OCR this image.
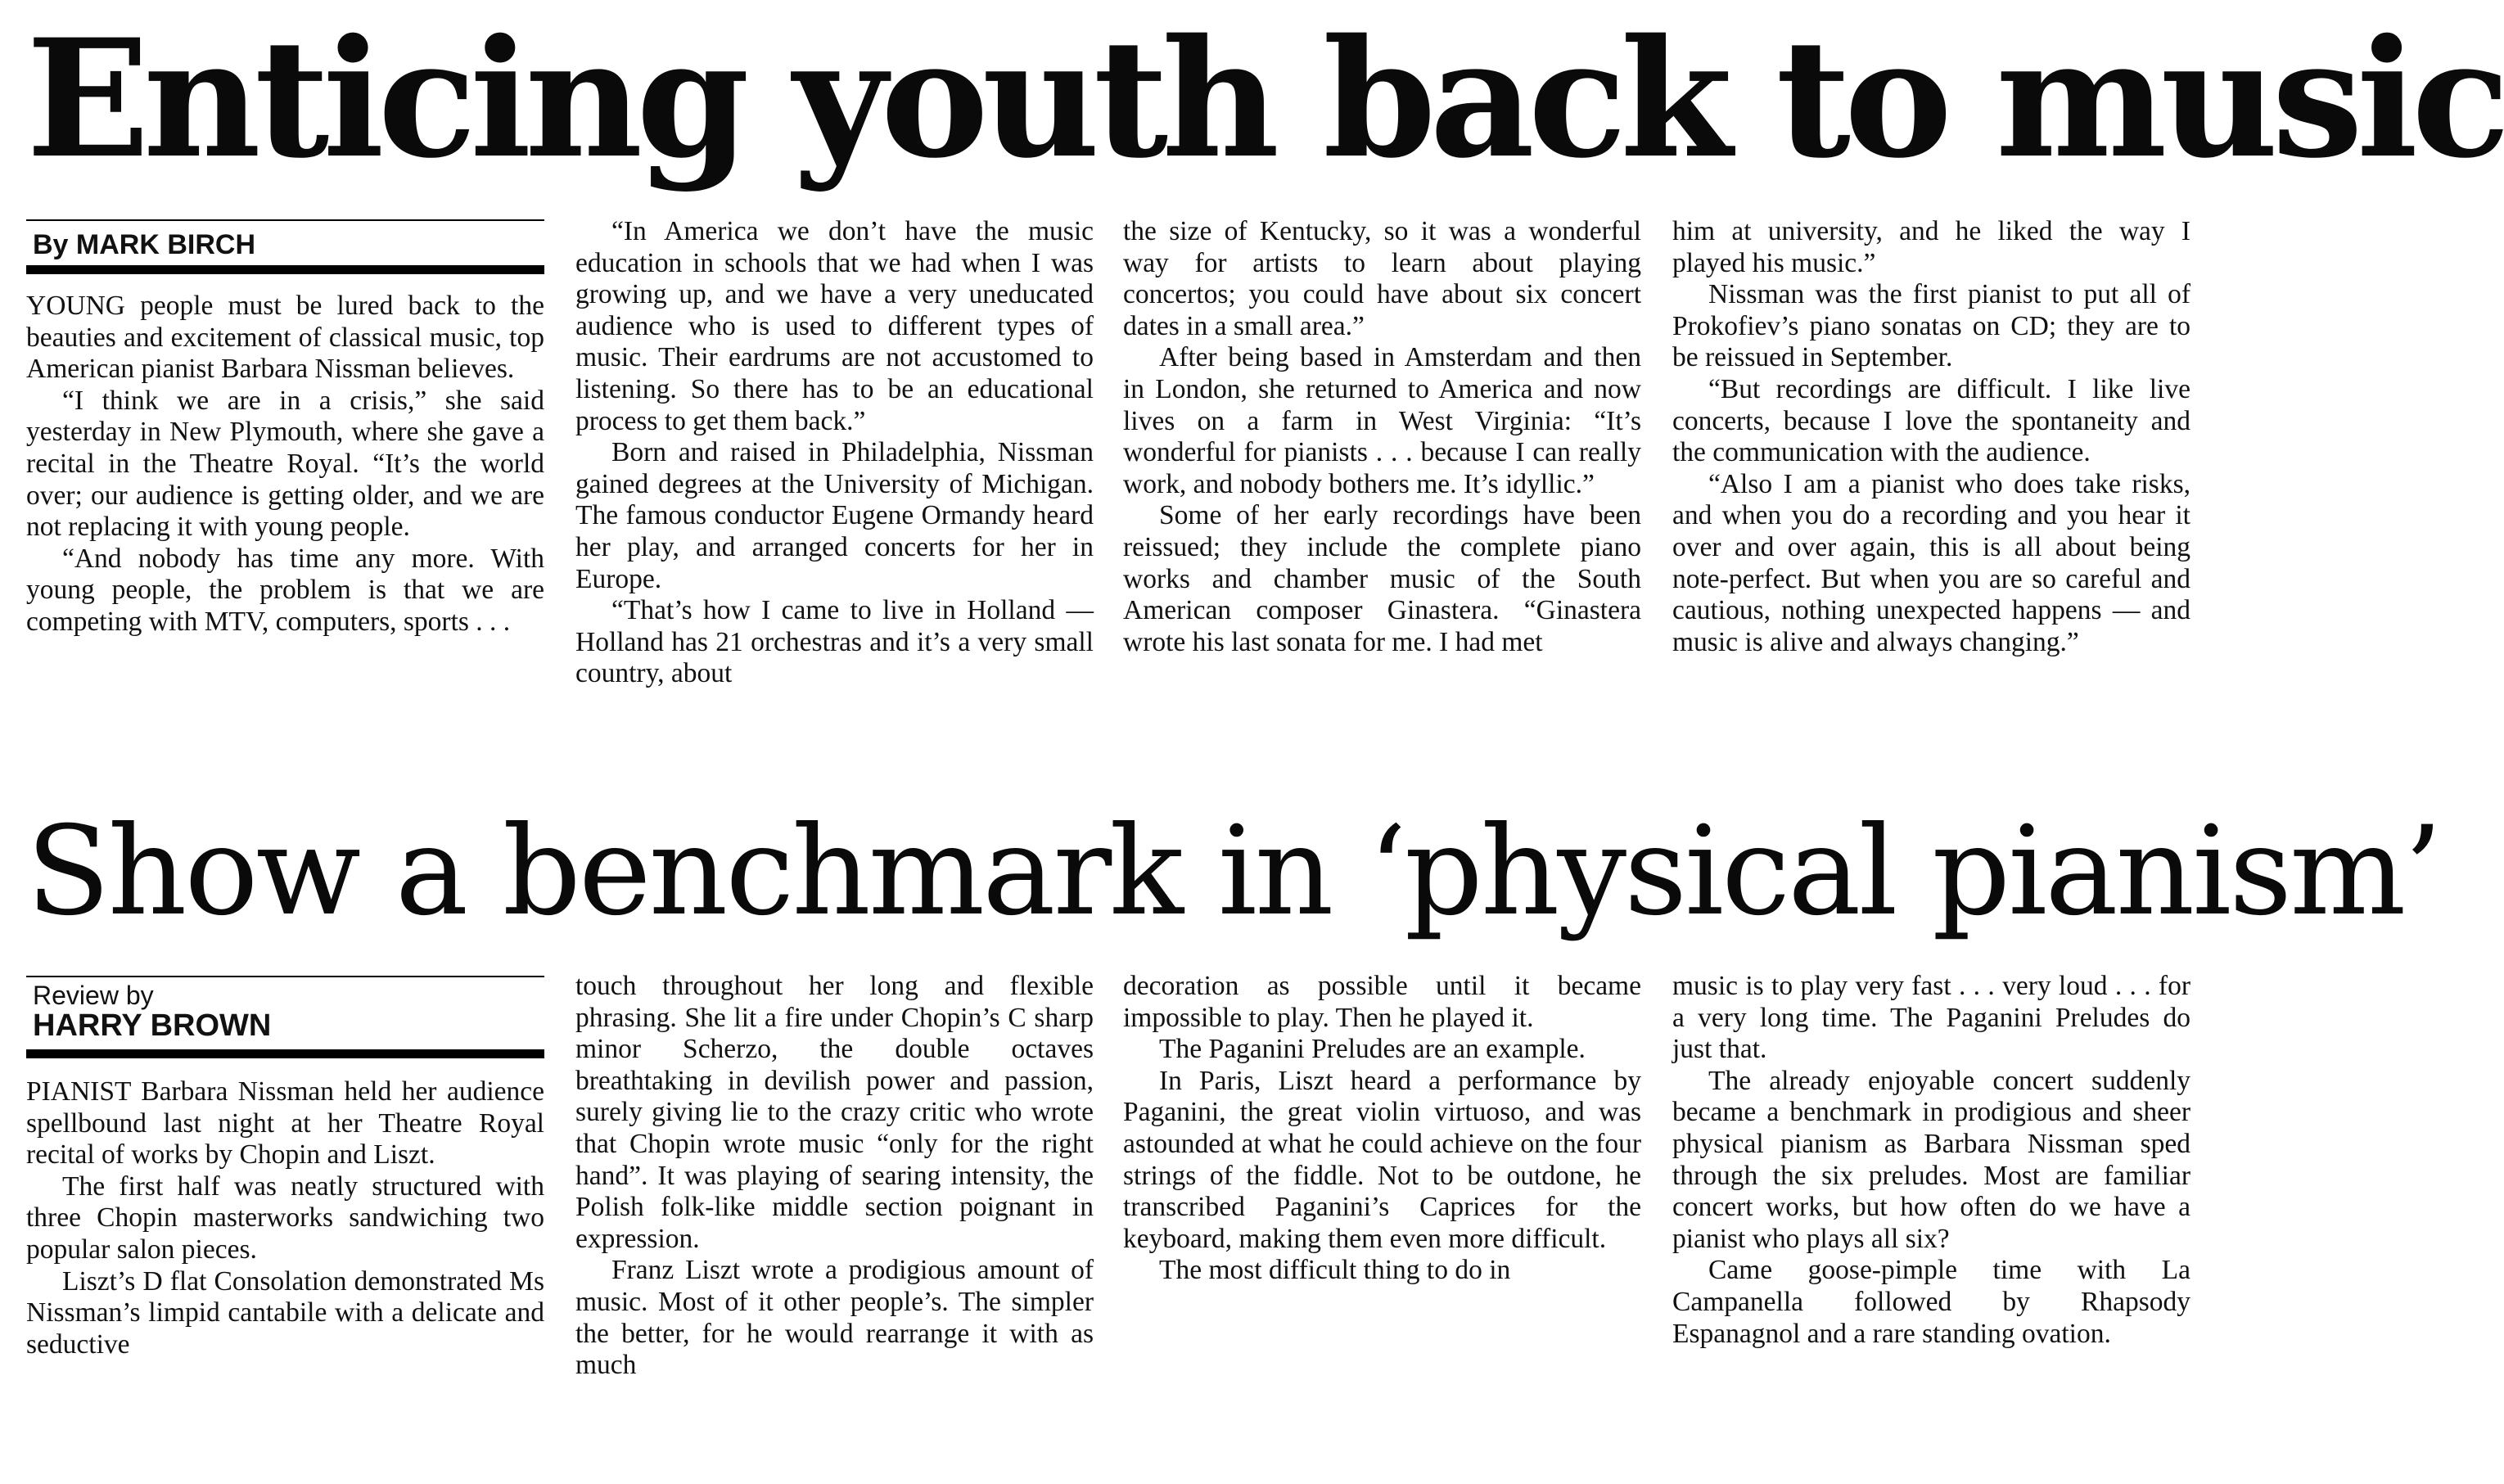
Enticing youth back to music
By MARK BIRCH

YOUNG people must be lured back to the beauties and excitement of classical music, top American pianist Barbara Nissman believes.

“I think we are in a crisis,” she said yesterday in New Plymouth, where she gave a recital in the Theatre Royal. “It’s the world over; our audience is getting older, and we are not replacing it with young people.

“And nobody has time any more. With young people, the problem is that we are competing with MTV, computers, sports . . .

“In America we don’t have the music education in schools that we had when I was growing up, and we have a very uneducated audience who is used to different types of music. Their eardrums are not accustomed to listening. So there has to be an educational process to get them back.”

Born and raised in Philadelphia, Nissman gained degrees at the University of Michigan. The famous conductor Eugene Ormandy heard her play, and arranged concerts for her in Europe.

“That’s how I came to live in Holland — Holland has 21 orchestras and it’s a very small country, about

the size of Kentucky, so it was a wonderful way for artists to learn about playing concertos; you could have about six concert dates in a small area.”

After being based in Amsterdam and then in London, she returned to America and now lives on a farm in West Virginia: “It’s wonderful for pianists . . . because I can really work, and nobody bothers me. It’s idyllic.”

Some of her early recordings have been reissued; they include the complete piano works and chamber music of the South American composer Ginastera. “Ginastera wrote his last sonata for me. I had met

him at university, and he liked the way I played his music.”

Nissman was the first pianist to put all of Prokofiev’s piano sonatas on CD; they are to be reissued in September.

“But recordings are difficult. I like live concerts, because I love the spontaneity and the communication with the audience.

“Also I am a pianist who does take risks, and when you do a recording and you hear it over and over again, this is all about being note-perfect. But when you are so careful and cautious, nothing unexpected happens — and music is alive and always changing.”

Show a benchmark in ‘physical pianism’
Review by
HARRY BROWN

PIANIST Barbara Nissman held her audience spellbound last night at her Theatre Royal recital of works by Chopin and Liszt.

The first half was neatly structured with three Chopin masterworks sandwiching two popular salon pieces.

Liszt’s D flat Consolation demonstrated Ms Nissman’s limpid cantabile with a delicate and seductive

touch throughout her long and flexible phrasing. She lit a fire under Chopin’s C sharp minor Scherzo, the double octaves breathtaking in devilish power and passion, surely giving lie to the crazy critic who wrote that Chopin wrote music “only for the right hand”. It was playing of searing intensity, the Polish folk-like middle section poignant in expression.

Franz Liszt wrote a prodigious amount of music. Most of it other people’s. The simpler the better, for he would rearrange it with as much

decoration as possible until it became impossible to play. Then he played it.

The Paganini Preludes are an example.

In Paris, Liszt heard a performance by Paganini, the great violin virtuoso, and was astounded at what he could achieve on the four strings of the fiddle. Not to be outdone, he transcribed Paganini’s Caprices for the keyboard, making them even more difficult.

The most difficult thing to do in

music is to play very fast . . . very loud . . . for a very long time. The Paganini Preludes do just that.

The already enjoyable concert suddenly became a benchmark in prodigious and sheer physical pianism as Barbara Nissman sped through the six preludes. Most are familiar concert works, but how often do we have a pianist who plays all six?

Came goose-pimple time with La Campanella followed by Rhapsody Espanagnol and a rare standing ovation.
